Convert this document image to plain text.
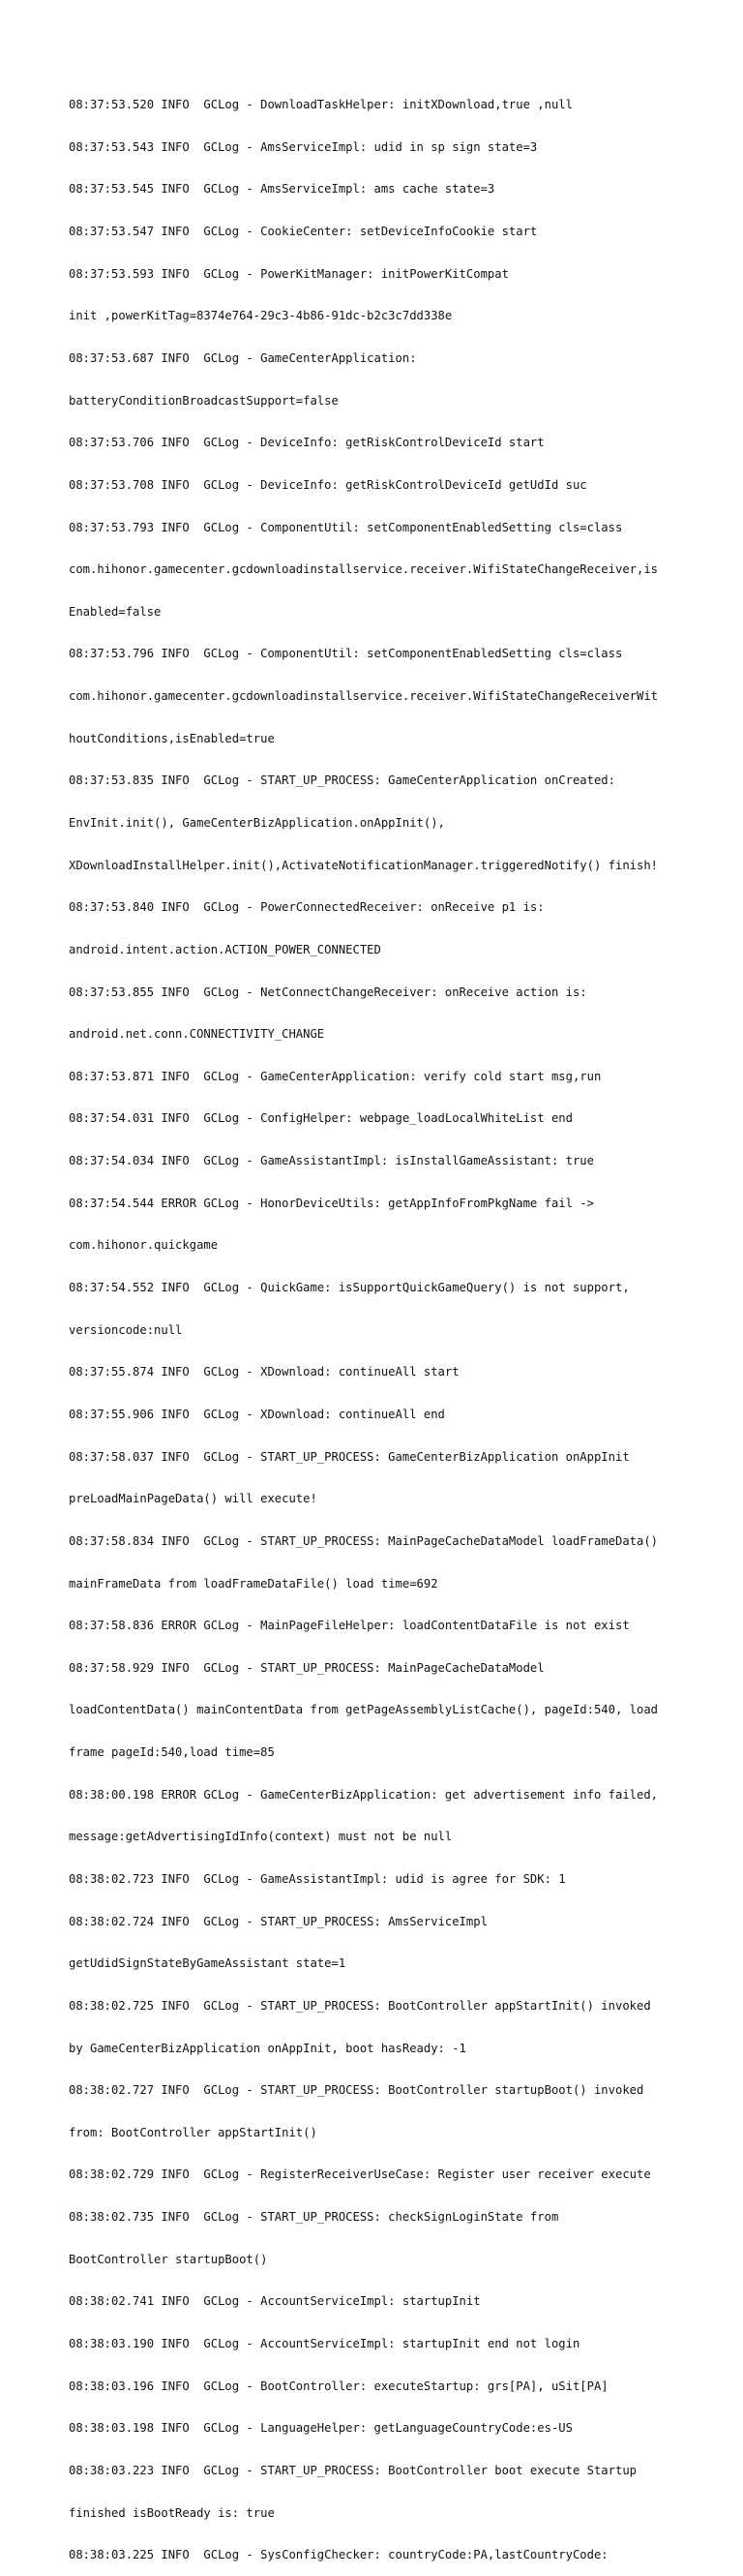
08:37:53.520 INFO  GCLog - DownloadTaskHelper: initXDownload,true ,null

08:37:53.543 INFO  GCLog - AmsServiceImpl: udid in sp sign state=3

08:37:53.545 INFO  GCLog - AmsServiceImpl: ams cache state=3

08:37:53.547 INFO  GCLog - CookieCenter: setDeviceInfoCookie start

08:37:53.593 INFO  GCLog - PowerKitManager: initPowerKitCompat

init ,powerKitTag=8374e764-29c3-4b86-91dc-b2c3c7dd338e

08:37:53.687 INFO  GCLog - GameCenterApplication:

batteryConditionBroadcastSupport=false

08:37:53.706 INFO  GCLog - DeviceInfo: getRiskControlDeviceId start

08:37:53.708 INFO  GCLog - DeviceInfo: getRiskControlDeviceId getUdId suc

08:37:53.793 INFO  GCLog - ComponentUtil: setComponentEnabledSetting cls=class

com.hihonor.gamecenter.gcdownloadinstallservice.receiver.WifiStateChangeReceiver,is

Enabled=false

08:37:53.796 INFO  GCLog - ComponentUtil: setComponentEnabledSetting cls=class

com.hihonor.gamecenter.gcdownloadinstallservice.receiver.WifiStateChangeReceiverWit

houtConditions,isEnabled=true

08:37:53.835 INFO  GCLog - START_UP_PROCESS: GameCenterApplication onCreated:

EnvInit.init(), GameCenterBizApplication.onAppInit(),

XDownloadInstallHelper.init(),ActivateNotificationManager.triggeredNotify() finish!

08:37:53.840 INFO  GCLog - PowerConnectedReceiver: onReceive p1 is:

android.intent.action.ACTION_POWER_CONNECTED

08:37:53.855 INFO  GCLog - NetConnectChangeReceiver: onReceive action is:

android.net.conn.CONNECTIVITY_CHANGE

08:37:53.871 INFO  GCLog - GameCenterApplication: verify cold start msg,run

08:37:54.031 INFO  GCLog - ConfigHelper: webpage_loadLocalWhiteList end

08:37:54.034 INFO  GCLog - GameAssistantImpl: isInstallGameAssistant: true

08:37:54.544 ERROR GCLog - HonorDeviceUtils: getAppInfoFromPkgName fail ->

com.hihonor.quickgame

08:37:54.552 INFO  GCLog - QuickGame: isSupportQuickGameQuery() is not support,

versioncode:null

08:37:55.874 INFO  GCLog - XDownload: continueAll start

08:37:55.906 INFO  GCLog - XDownload: continueAll end

08:37:58.037 INFO  GCLog - START_UP_PROCESS: GameCenterBizApplication onAppInit

preLoadMainPageData() will execute!

08:37:58.834 INFO  GCLog - START_UP_PROCESS: MainPageCacheDataModel loadFrameData()

mainFrameData from loadFrameDataFile() load time=692

08:37:58.836 ERROR GCLog - MainPageFileHelper: loadContentDataFile is not exist

08:37:58.929 INFO  GCLog - START_UP_PROCESS: MainPageCacheDataModel

loadContentData() mainContentData from getPageAssemblyListCache(), pageId:540, load

frame pageId:540,load time=85

08:38:00.198 ERROR GCLog - GameCenterBizApplication: get advertisement info failed,

message:getAdvertisingIdInfo(context) must not be null

08:38:02.723 INFO  GCLog - GameAssistantImpl: udid is agree for SDK: 1

08:38:02.724 INFO  GCLog - START_UP_PROCESS: AmsServiceImpl

getUdidSignStateByGameAssistant state=1

08:38:02.725 INFO  GCLog - START_UP_PROCESS: BootController appStartInit() invoked

by GameCenterBizApplication onAppInit, boot hasReady: -1

08:38:02.727 INFO  GCLog - START_UP_PROCESS: BootController startupBoot() invoked

from: BootController appStartInit()

08:38:02.729 INFO  GCLog - RegisterReceiverUseCase: Register user receiver execute

08:38:02.735 INFO  GCLog - START_UP_PROCESS: checkSignLoginState from

BootController startupBoot()

08:38:02.741 INFO  GCLog - AccountServiceImpl: startupInit

08:38:03.190 INFO  GCLog - AccountServiceImpl: startupInit end not login

08:38:03.196 INFO  GCLog - BootController: executeStartup: grs[PA], uSit[PA]

08:38:03.198 INFO  GCLog - LanguageHelper: getLanguageCountryCode:es-US

08:38:03.223 INFO  GCLog - START_UP_PROCESS: BootController boot execute Startup

finished isBootReady is: true

08:38:03.225 INFO  GCLog - SysConfigChecker: countryCode:PA,lastCountryCode:
